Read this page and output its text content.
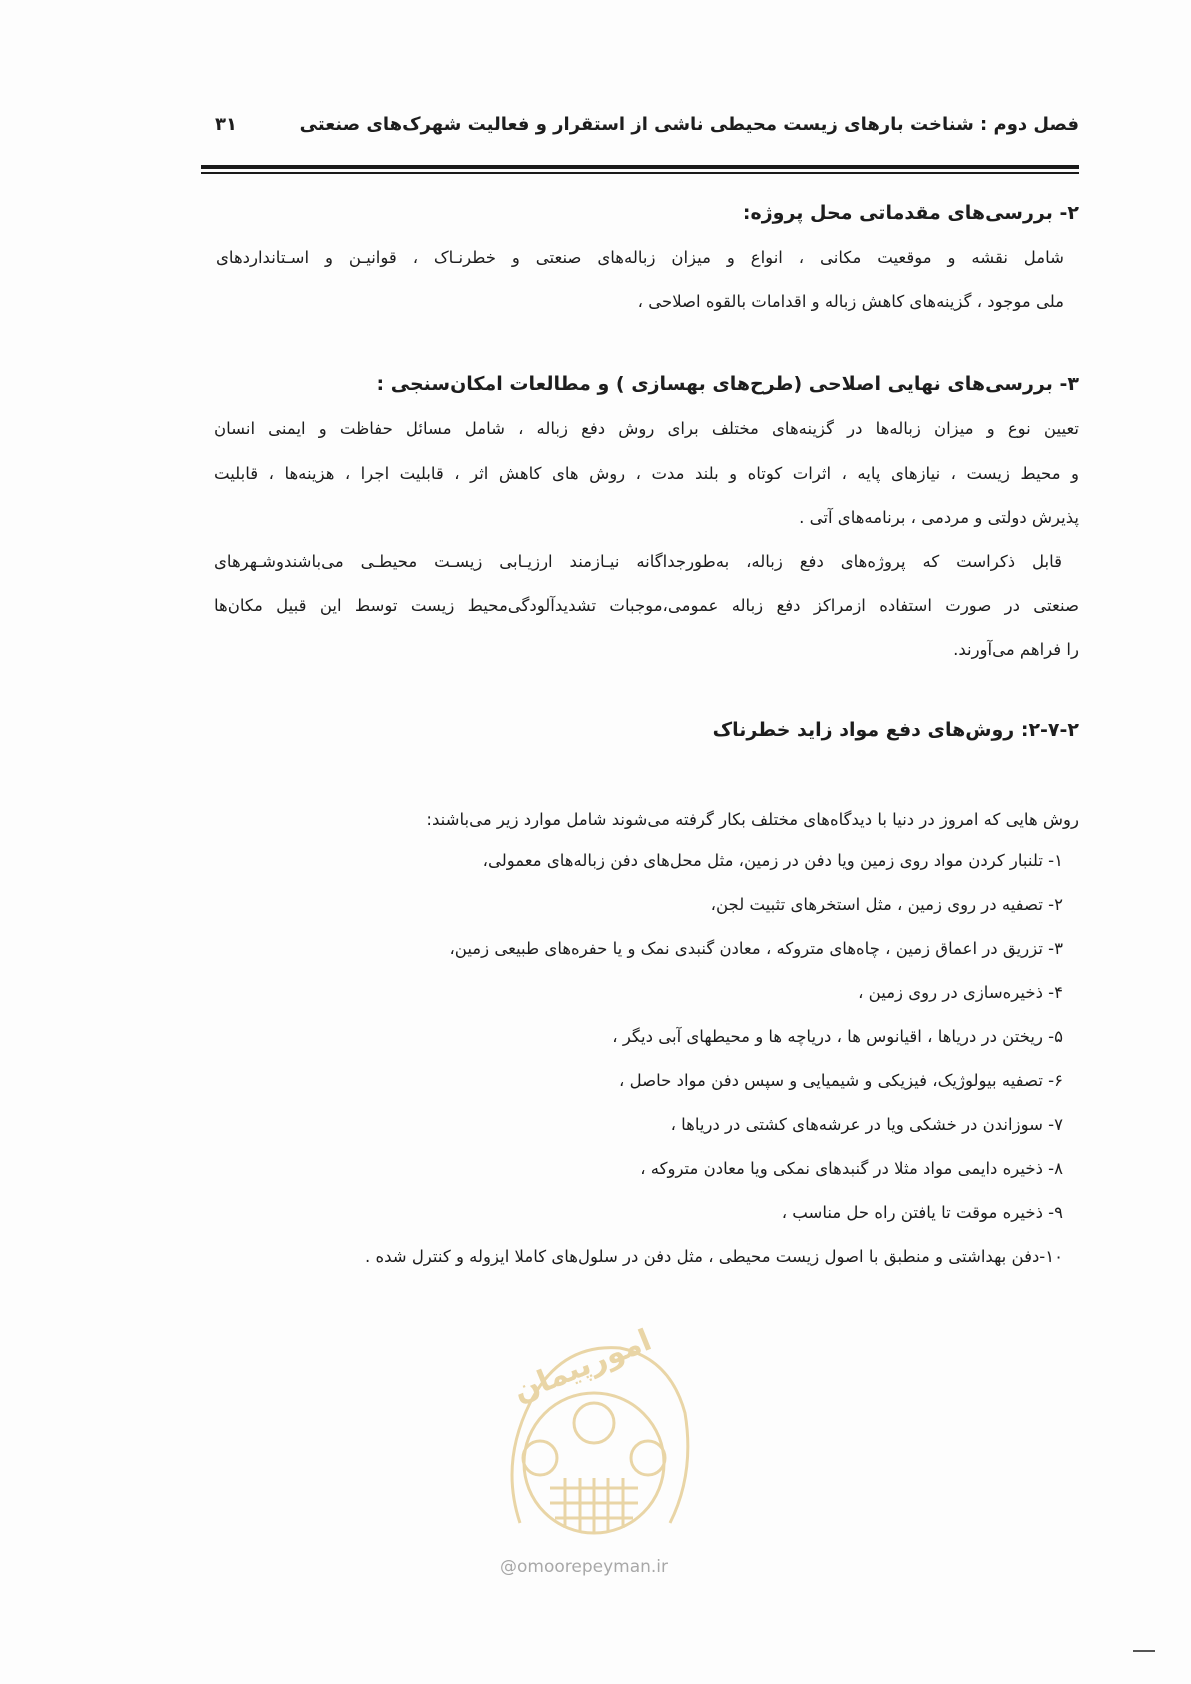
فصل دوم : شناخت بارهای زیست محیطی ناشی از استقرار و فعالیت شهرک‌های صنعتی
۳۱
۲- بررسی‌های مقدماتی محل پروژه:
شامل نقشه و موقعیت مکانی ، انواع و میزان زباله‌های صنعتی و خطرنـاک ، قوانیـن و اسـتانداردهای
ملی موجود ، گزینه‌های کاهش زباله و اقدامات بالقوه اصلاحی ،
۳- بررسی‌های نهایی اصلاحی (طرح‌های بهسازی ) و مطالعات امکان‌سنجی :
تعیین نوع و میزان زباله‌ها در گزینه‌های مختلف برای روش دفع زباله ، شامل مسائل حفاظت و ایمنی انسان
و محیط زیست ، نیازهای پایه ، اثرات کوتاه و بلند مدت ، روش های کاهش اثر ، قابلیت اجرا ، هزینه‌ها ، قابلیت
پذیرش دولتی و مردمی ، برنامه‌های آتی .
قابل ذکراست که پروژه‌های دفع زباله، به‌طورجداگانه نیـازمند ارزیـابی زیسـت محیطـی می‌باشندوشـهرهای
صنعتی در صورت استفاده ازمراکز دفع زباله عمومی،موجبات تشدیدآلودگی‌محیط زیست توسط این قبیل مکان‌ها
را فراهم می‌آورند.
۲-۷-۲: روش‌های دفع مواد زاید خطرناک
روش هایی که امروز در دنیا با دیدگاه‌های مختلف بکار گرفته می‌شوند شامل موارد زیر می‌باشند:
۱- تلنبار کردن مواد روی زمین ویا دفن در زمین، مثل محل‌های دفن زباله‌های معمولی،
۲- تصفیه در روی زمین ، مثل استخرهای تثبیت لجن،
۳- تزریق در اعماق زمین ، چاه‌های متروکه ، معادن گنبدی نمک و یا حفره‌های طبیعی زمین،
۴- ذخیره‌سازی در روی زمین ،
۵- ریختن در دریاها ، اقیانوس ها ، دریاچه ها و محیطهای آبی دیگر ،
۶- تصفیه بیولوژیک، فیزیکی و شیمیایی و سپس دفن مواد حاصل ،
۷- سوزاندن در خشکی ویا در عرشه‌های کشتی در دریاها ،
۸- ذخیره دایمی مواد مثلا در گنبدهای نمکی ویا معادن متروکه ،
۹- ذخیره موقت تا یافتن راه حل مناسب ،
۱۰-دفن بهداشتی و منطبق با اصول زیست محیطی ، مثل دفن در سلول‌های کاملا ایزوله و کنترل شده .
امورپیمان
@omoorepeyman.ir
